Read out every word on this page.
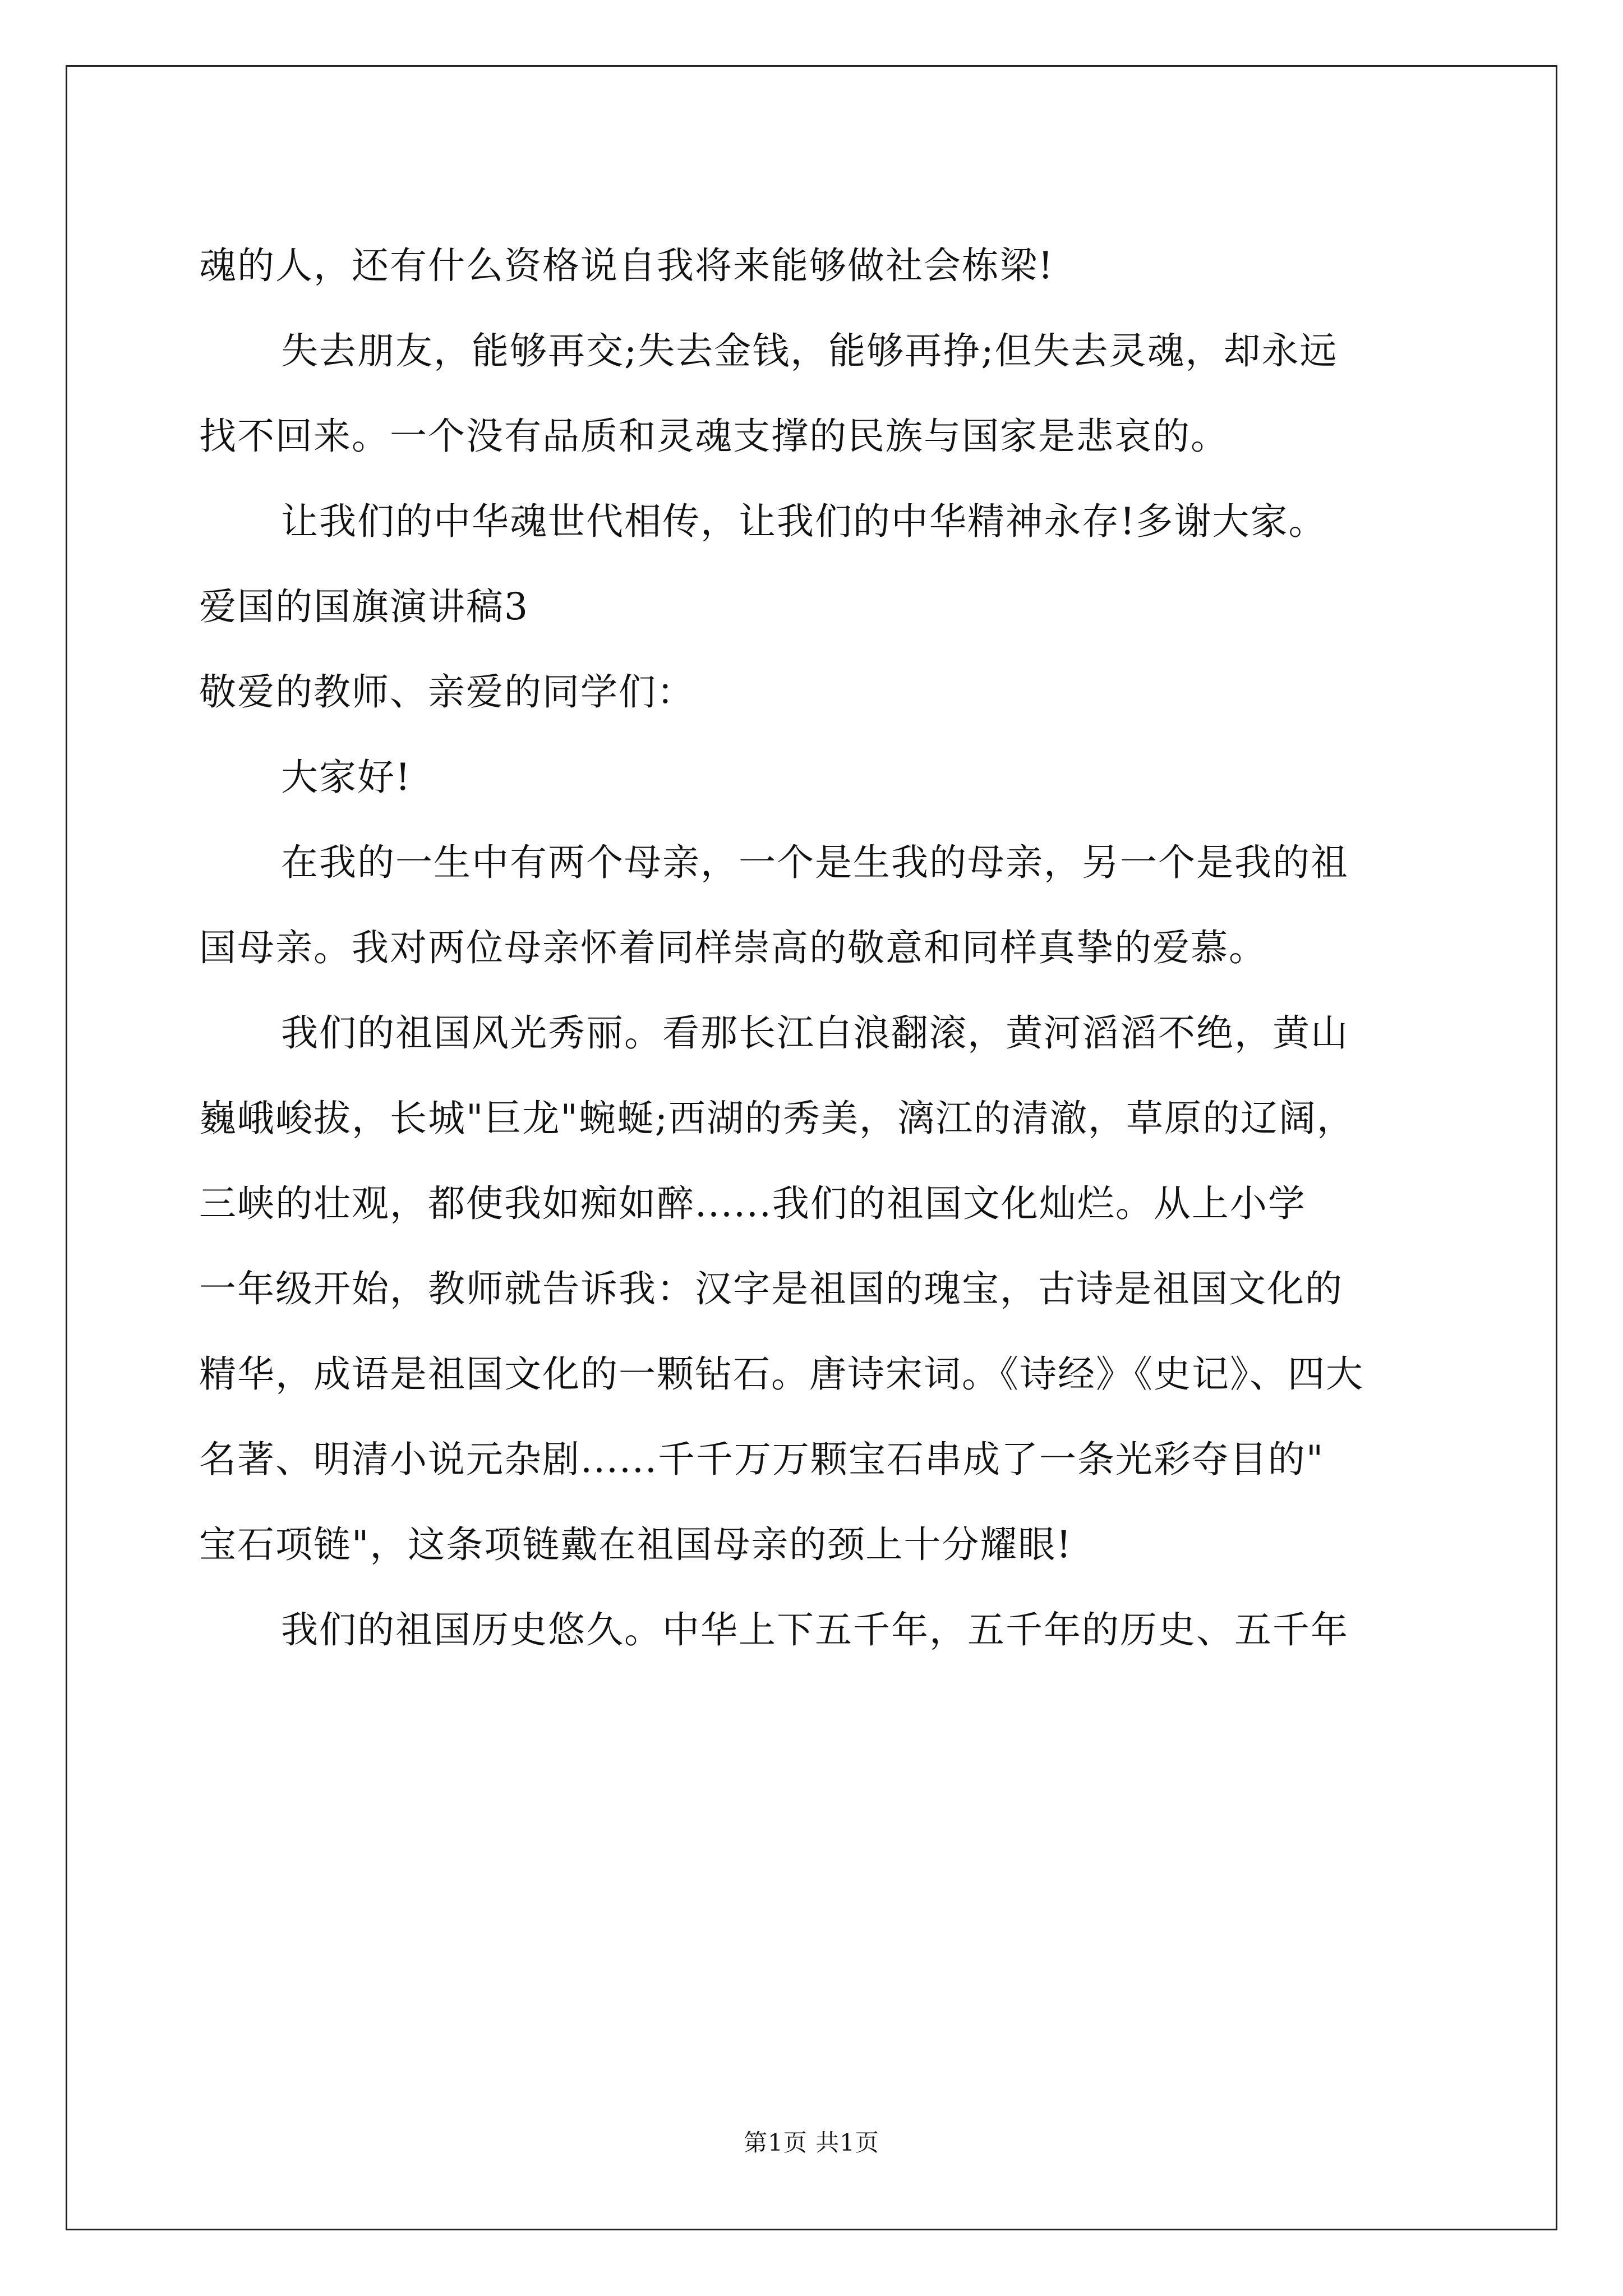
魂的人，还有什么资格说自我将来能够做社会栋梁!
失去朋友，能够再交;失去金钱，能够再挣;但失去灵魂，却永远
找不回来。一个没有品质和灵魂支撑的民族与国家是悲哀的。
让我们的中华魂世代相传，让我们的中华精神永存!多谢大家。
爱国的国旗演讲稿3
敬爱的教师、亲爱的同学们：
大家好!
在我的一生中有两个母亲，一个是生我的母亲，另一个是我的祖
国母亲。我对两位母亲怀着同样崇高的敬意和同样真挚的爱慕。
我们的祖国风光秀丽。看那长江白浪翻滚，黄河滔滔不绝，黄山
巍峨峻拔，长城"巨龙"蜿蜒;西湖的秀美，漓江的清澈，草原的辽阔，
三峡的壮观，都使我如痴如醉......我们的祖国文化灿烂。从上小学
一年级开始，教师就告诉我：汉字是祖国的瑰宝，古诗是祖国文化的
精华，成语是祖国文化的一颗钻石。唐诗宋词。《诗经》《史记》、四大
名著、明清小说元杂剧......千千万万颗宝石串成了一条光彩夺目的"
宝石项链"，这条项链戴在祖国母亲的颈上十分耀眼!
我们的祖国历史悠久。中华上下五千年，五千年的历史、五千年
第1页 共1页
